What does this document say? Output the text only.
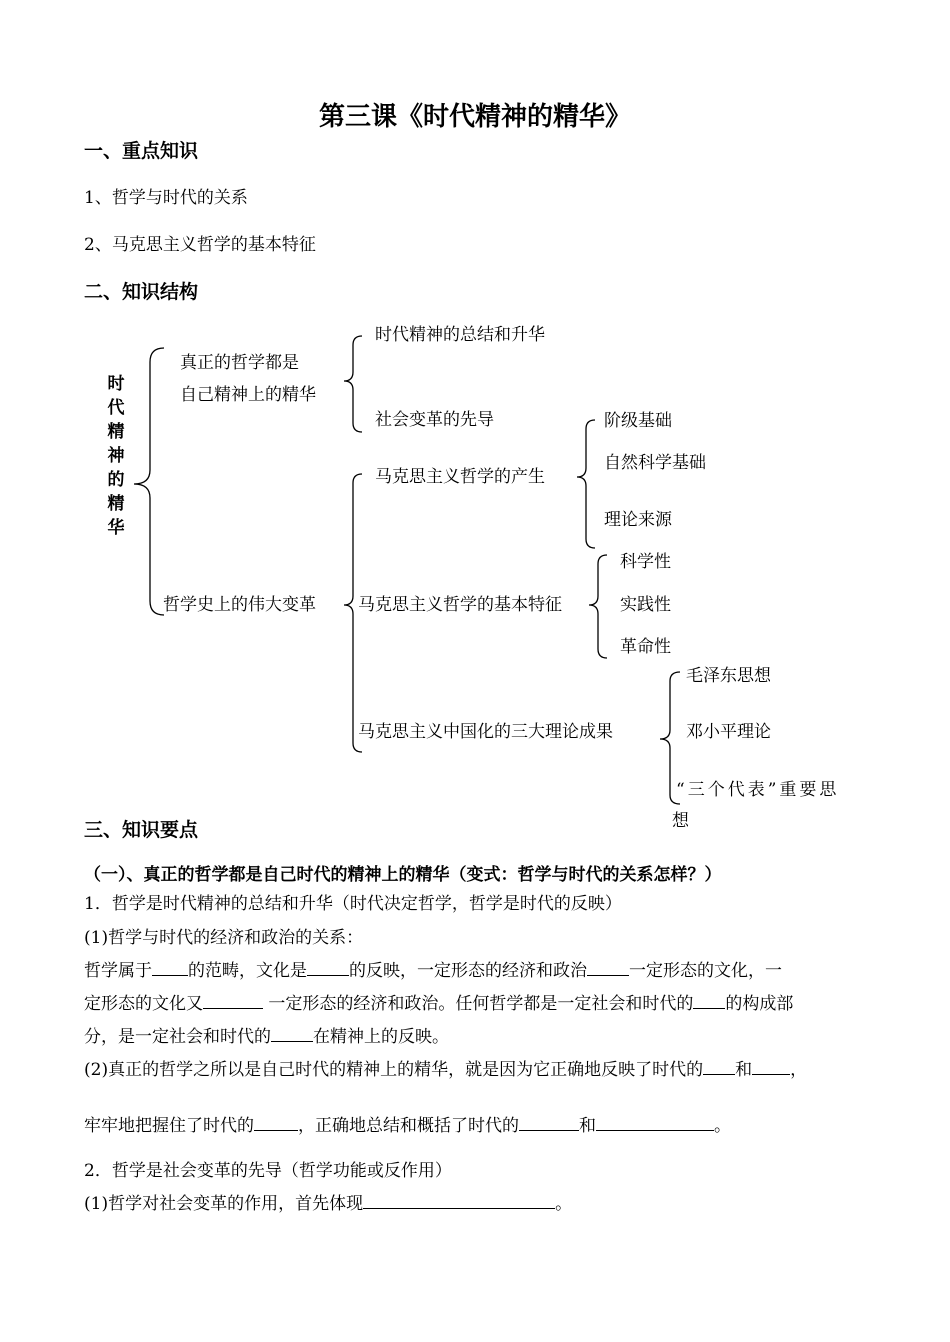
第三课《时代精神的精华》
一、重点知识
1、哲学与时代的关系
2、马克思主义哲学的基本特征
二、知识结构
时代精神的精华
真正的哲学都是
自己精神上的精华
时代精神的总结和升华
社会变革的先导
哲学史上的伟大变革
马克思主义哲学的产生
阶级基础
自然科学基础
理论来源
马克思主义哲学的基本特征
科学性
实践性
革命性
马克思主义中国化的三大理论成果
毛泽东思想
邓小平理论
“三个代表”重要思
想
三、知识要点
（一）、真正的哲学都是自己时代的精神上的精华（变式：哲学与时代的关系怎样？）
1．哲学是时代精神的总结和升华（时代决定哲学，哲学是时代的反映）
(1)哲学与时代的经济和政治的关系：
哲学属于 的范畴，文化是 的反映，一定形态的经济和政治 一定形态的文化，一
定形态的文化又	一定形态的经济和政治。任何哲学都是一定社会和时代的 的构成部
分，是一定社会和时代的 在精神上的反映。
(2)真正的哲学之所以是自己时代的精神上的精华，就是因为它正确地反映了时代的 和 ，
牢牢地把握住了时代的	，正确地总结和概括了时代的	和	。
2．哲学是社会变革的先导（哲学功能或反作用）
(1)哲学对社会变革的作用，首先体现	。
